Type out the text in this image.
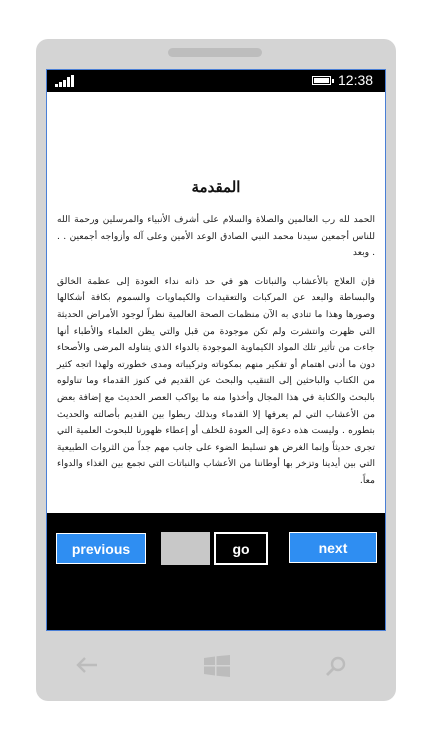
12:38
المقدمة

الحمد لله رب العالمين والصلاة والسلام على أشرف الأنبياء والمرسلين ورحمة الله للناس أجمعين سيدنا محمد النبي الصادق الوعد الأمين وعلى آله وأزواجه أجمعين . . . وبعد

فإن العلاج بالأعشاب والنباتات هو في حد ذاته نداء العودة إلى عظمة الخالق والبساطة والبعد عن المركبات والتعقيدات والكيماويات والسموم بكافة أشكالها وصورها وهذا ما تنادي به الآن منظمات الصحة العالمية نظراً لوجود الأمراض الحديثة التي ظهرت وانتشرت ولم تكن موجودة من قبل والتي يظن العلماء والأطباء أنها جاءت من تأثير تلك المواد الكيماوية الموجودة بالدواء الذي يتناوله المرضى والأصحاء دون ما أدنى اهتمام أو تفكير منهم بمكوناته وتركيباته ومدى خطورته ولهذا اتجه كثير من الكتاب والباحثين إلى التنقيب والبحث عن القديم في كنوز القدماء وما تناولوه بالبحث والكتابة في هذا المجال وأخذوا منه ما يواكب العصر الحديث مع إضافة بعض من الأعشاب التي لم يعرفها إلا القدماء وبذلك ربطوا بين القديم بأصالته والحديث بتطوره . وليست هذه دعوة إلى العودة للخلف أو إعطاء ظهورنا للبحوث العلمية التي تجرى حديثاً وإنما الغرض هو تسليط الضوء على جانب مهم جداً من الثروات الطبيعية التي بين أيدينا وتزخر بها أوطاننا من الأعشاب والنباتات التي تجمع بين الغذاء والدواء معاً.

previous	go	next
